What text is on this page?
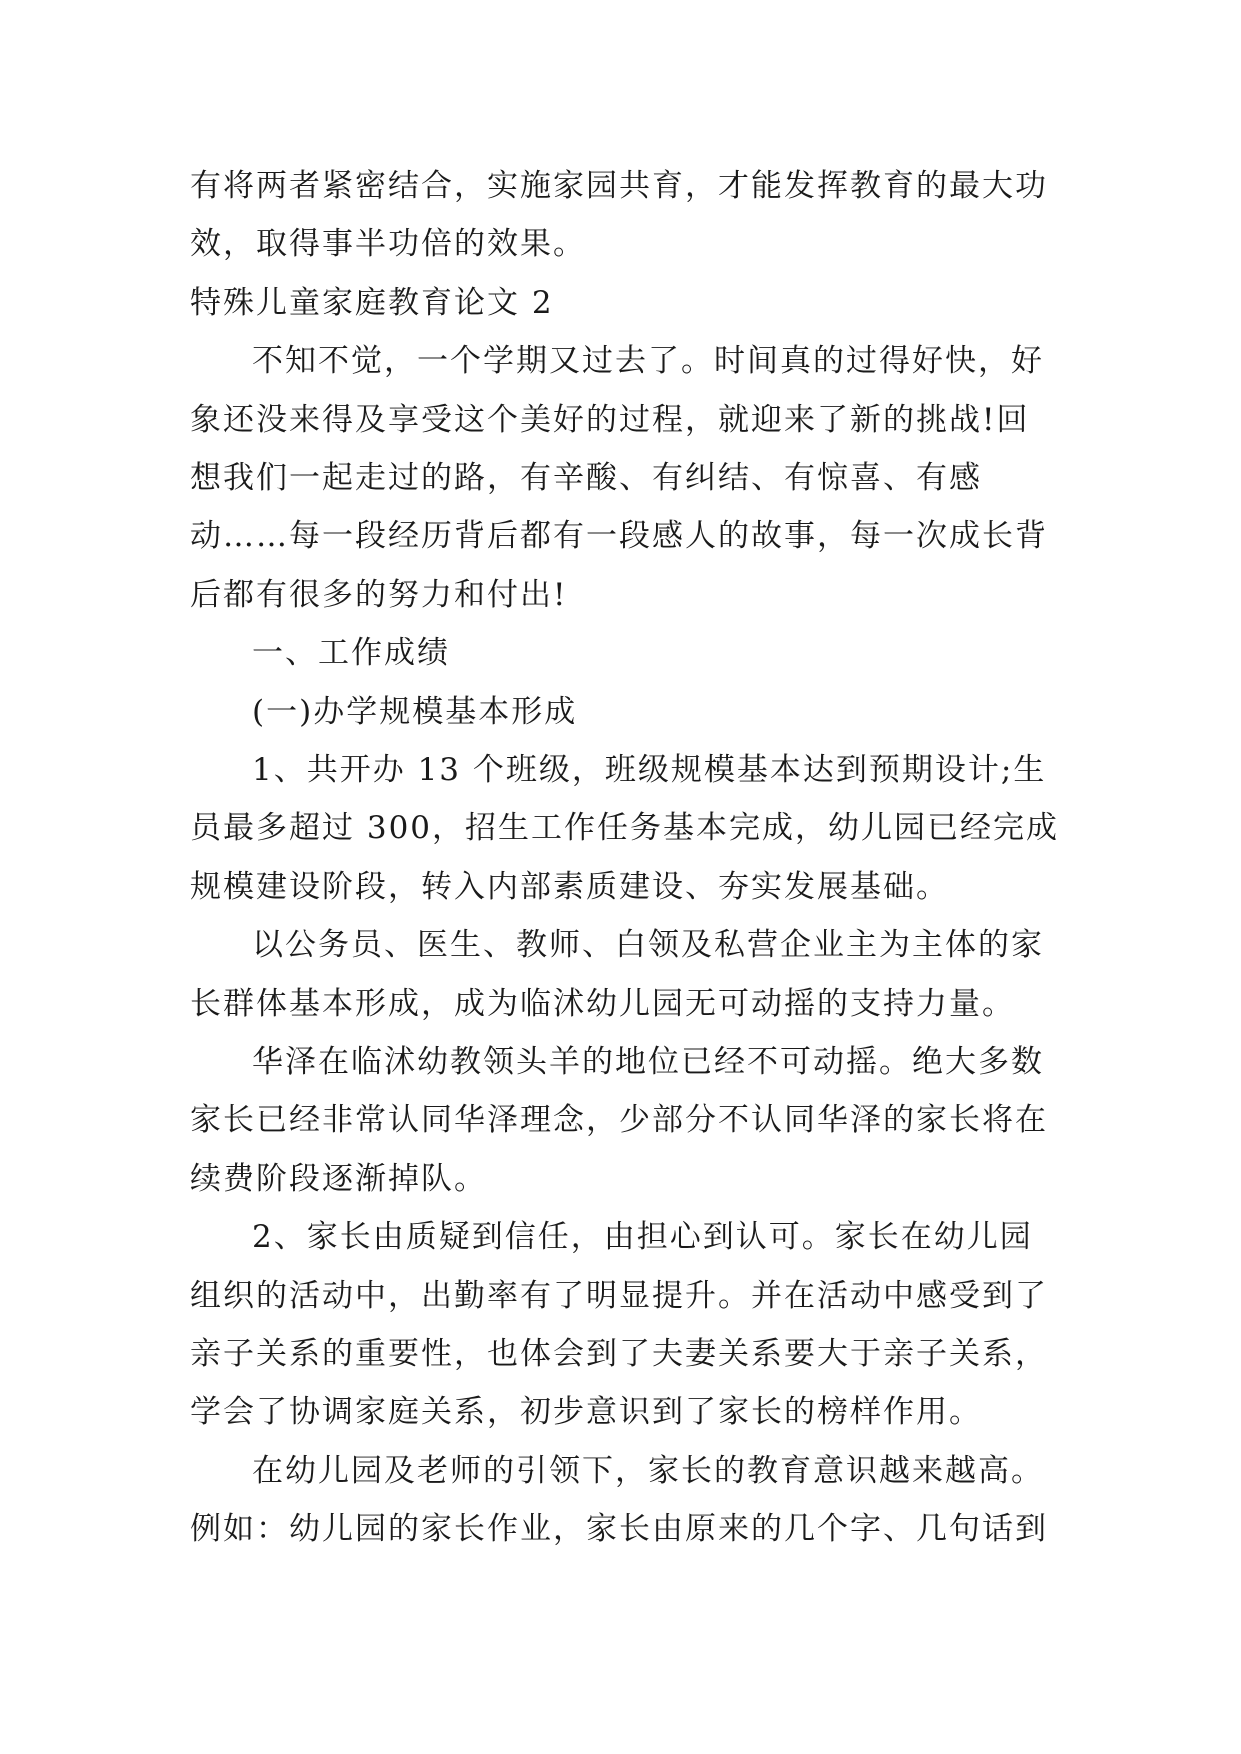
有将两者紧密结合，实施家园共育，才能发挥教育的最大功
效，取得事半功倍的效果。
特殊儿童家庭教育论文 2
不知不觉，一个学期又过去了。时间真的过得好快，好
象还没来得及享受这个美好的过程，就迎来了新的挑战!回
想我们一起走过的路，有辛酸、有纠结、有惊喜、有感
动……每一段经历背后都有一段感人的故事，每一次成长背
后都有很多的努力和付出!
一、工作成绩
(一)办学规模基本形成
1、共开办 13 个班级，班级规模基本达到预期设计;生
员最多超过 300，招生工作任务基本完成，幼儿园已经完成
规模建设阶段，转入内部素质建设、夯实发展基础。
以公务员、医生、教师、白领及私营企业主为主体的家
长群体基本形成，成为临沭幼儿园无可动摇的支持力量。
华泽在临沭幼教领头羊的地位已经不可动摇。绝大多数
家长已经非常认同华泽理念，少部分不认同华泽的家长将在
续费阶段逐渐掉队。
2、家长由质疑到信任，由担心到认可。家长在幼儿园
组织的活动中，出勤率有了明显提升。并在活动中感受到了
亲子关系的重要性，也体会到了夫妻关系要大于亲子关系，
学会了协调家庭关系，初步意识到了家长的榜样作用。
在幼儿园及老师的引领下，家长的教育意识越来越高。
例如：幼儿园的家长作业，家长由原来的几个字、几句话到
